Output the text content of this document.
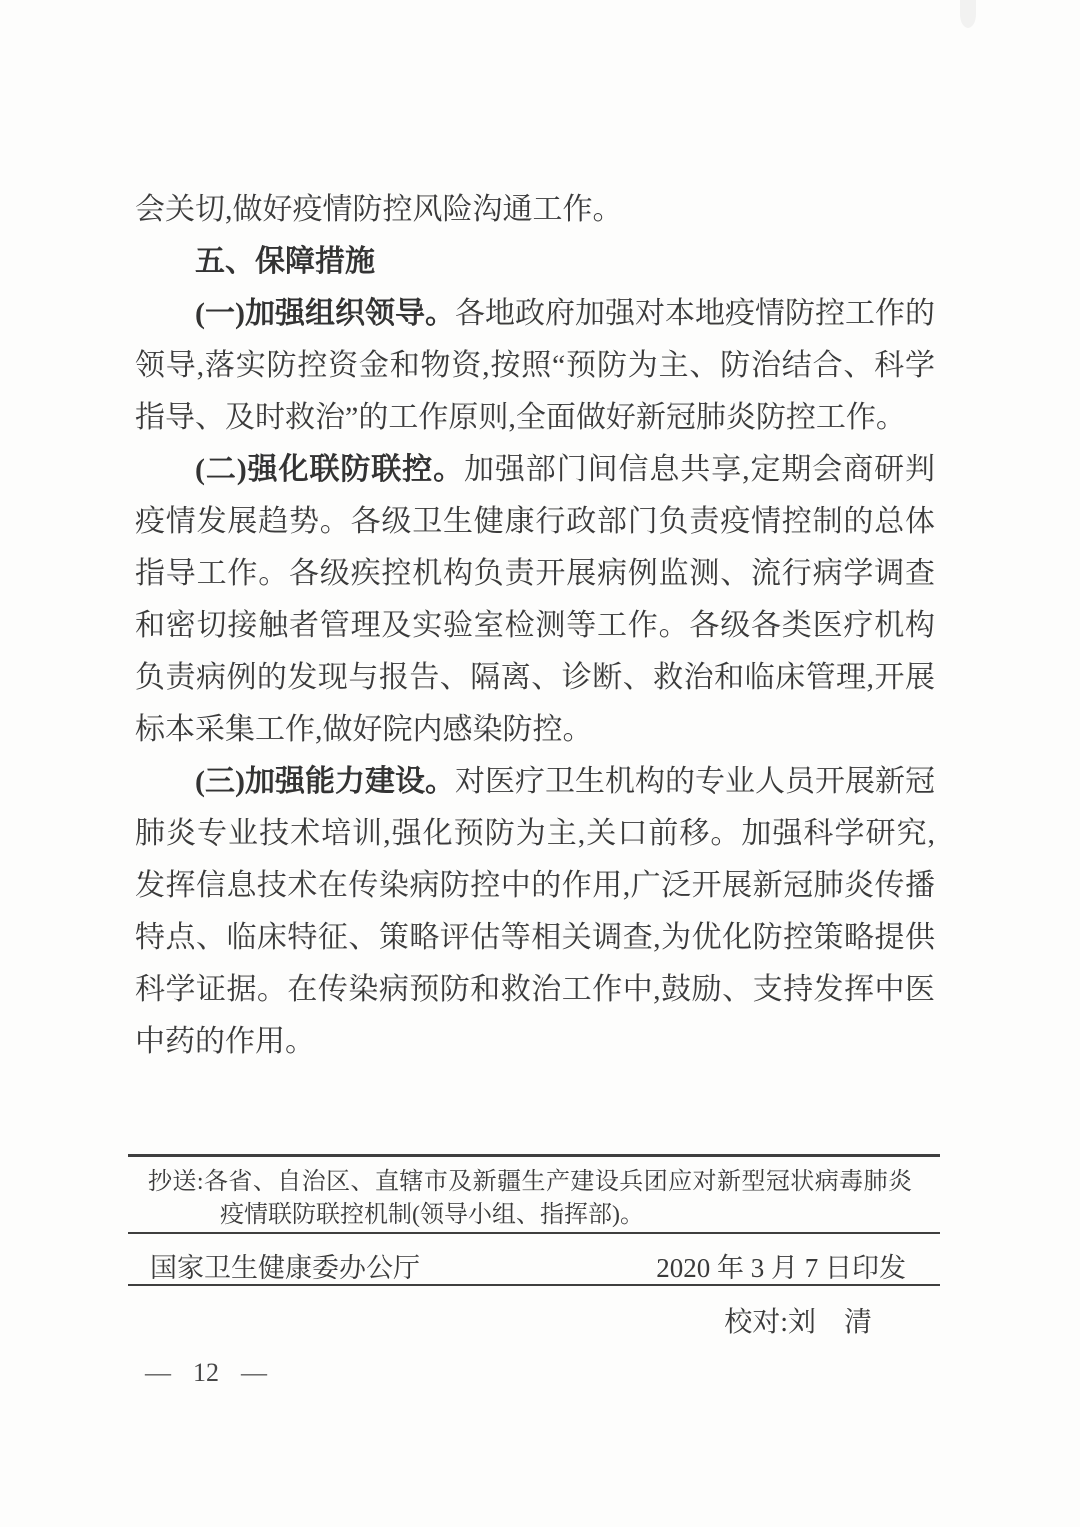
会关切,做好疫情防控风险沟通工作。

五、保障措施

(一)加强组织领导。各地政府加强对本地疫情防控工作的领导,落实防控资金和物资,按照“预防为主、防治结合、科学指导、及时救治”的工作原则,全面做好新冠肺炎防控工作。

(二)强化联防联控。加强部门间信息共享,定期会商研判疫情发展趋势。各级卫生健康行政部门负责疫情控制的总体指导工作。各级疾控机构负责开展病例监测、流行病学调查和密切接触者管理及实验室检测等工作。各级各类医疗机构负责病例的发现与报告、隔离、诊断、救治和临床管理,开展标本采集工作,做好院内感染防控。

(三)加强能力建设。对医疗卫生机构的专业人员开展新冠肺炎专业技术培训,强化预防为主,关口前移。加强科学研究,发挥信息技术在传染病防控中的作用,广泛开展新冠肺炎传播特点、临床特征、策略评估等相关调查,为优化防控策略提供科学证据。在传染病预防和救治工作中,鼓励、支持发挥中医中药的作用。

抄送:各省、自治区、直辖市及新疆生产建设兵团应对新型冠状病毒肺炎疫情联防联控机制(领导小组、指挥部)。
国家卫生健康委办公厅	2020 年 3 月 7 日印发
校对:刘　清
— 12 —
